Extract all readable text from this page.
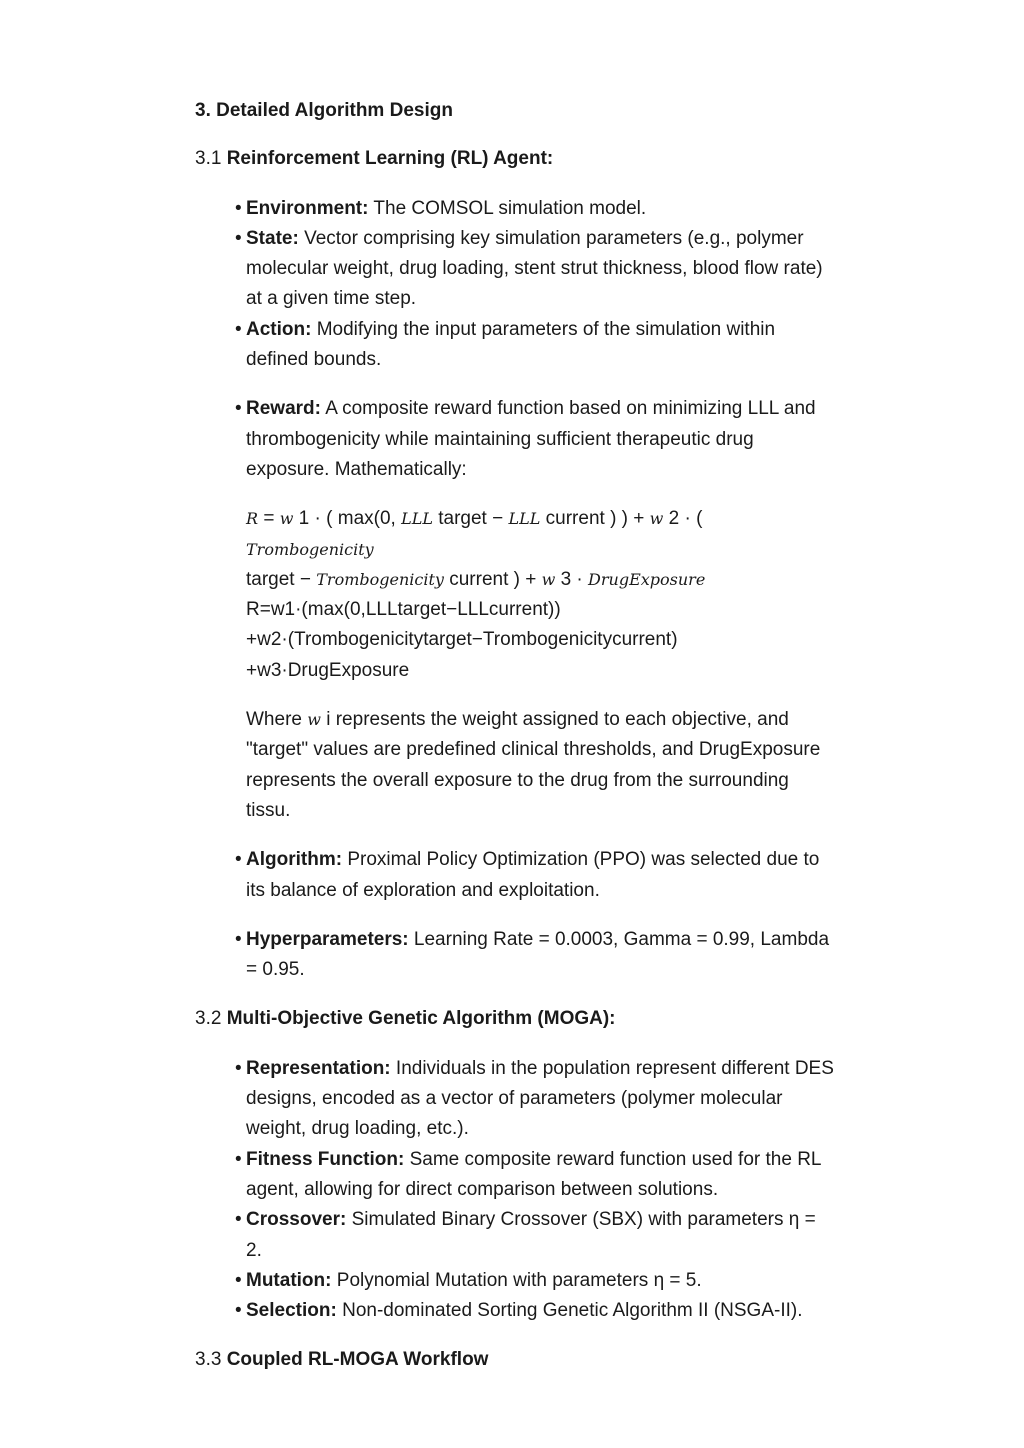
3. Detailed Algorithm Design
3.1 Reinforcement Learning (RL) Agent:
• Environment: The COMSOL simulation model.
• State: Vector comprising key simulation parameters (e.g., polymer molecular weight, drug loading, stent strut thickness, blood flow rate) at a given time step.
• Action: Modifying the input parameters of the simulation within defined bounds.
• Reward: A composite reward function based on minimizing LLL and thrombogenicity while maintaining sufficient therapeutic drug exposure. Mathematically:
R = w 1 · ( max(0, LLL target − LLL current ) ) + w 2 · ( Trombogenicity
target − Trombogenicity current ) + w 3 · DrugExposure
R=w1·(max(0,LLLtarget−LLLcurrent))
+w2·(Trombogenicitytarget−Trombogenicitycurrent)
+w3·DrugExposure
Where w i represents the weight assigned to each objective, and "target" values are predefined clinical thresholds, and DrugExposure represents the overall exposure to the drug from the surrounding tissu.
• Algorithm: Proximal Policy Optimization (PPO) was selected due to its balance of exploration and exploitation.
• Hyperparameters: Learning Rate = 0.0003, Gamma = 0.99, Lambda = 0.95.
3.2 Multi-Objective Genetic Algorithm (MOGA):
• Representation: Individuals in the population represent different DES designs, encoded as a vector of parameters (polymer molecular weight, drug loading, etc.).
• Fitness Function: Same composite reward function used for the RL agent, allowing for direct comparison between solutions.
• Crossover: Simulated Binary Crossover (SBX) with parameters η = 2.
• Mutation: Polynomial Mutation with parameters η = 5.
• Selection: Non-dominated Sorting Genetic Algorithm II (NSGA-II).
3.3 Coupled RL-MOGA Workflow
